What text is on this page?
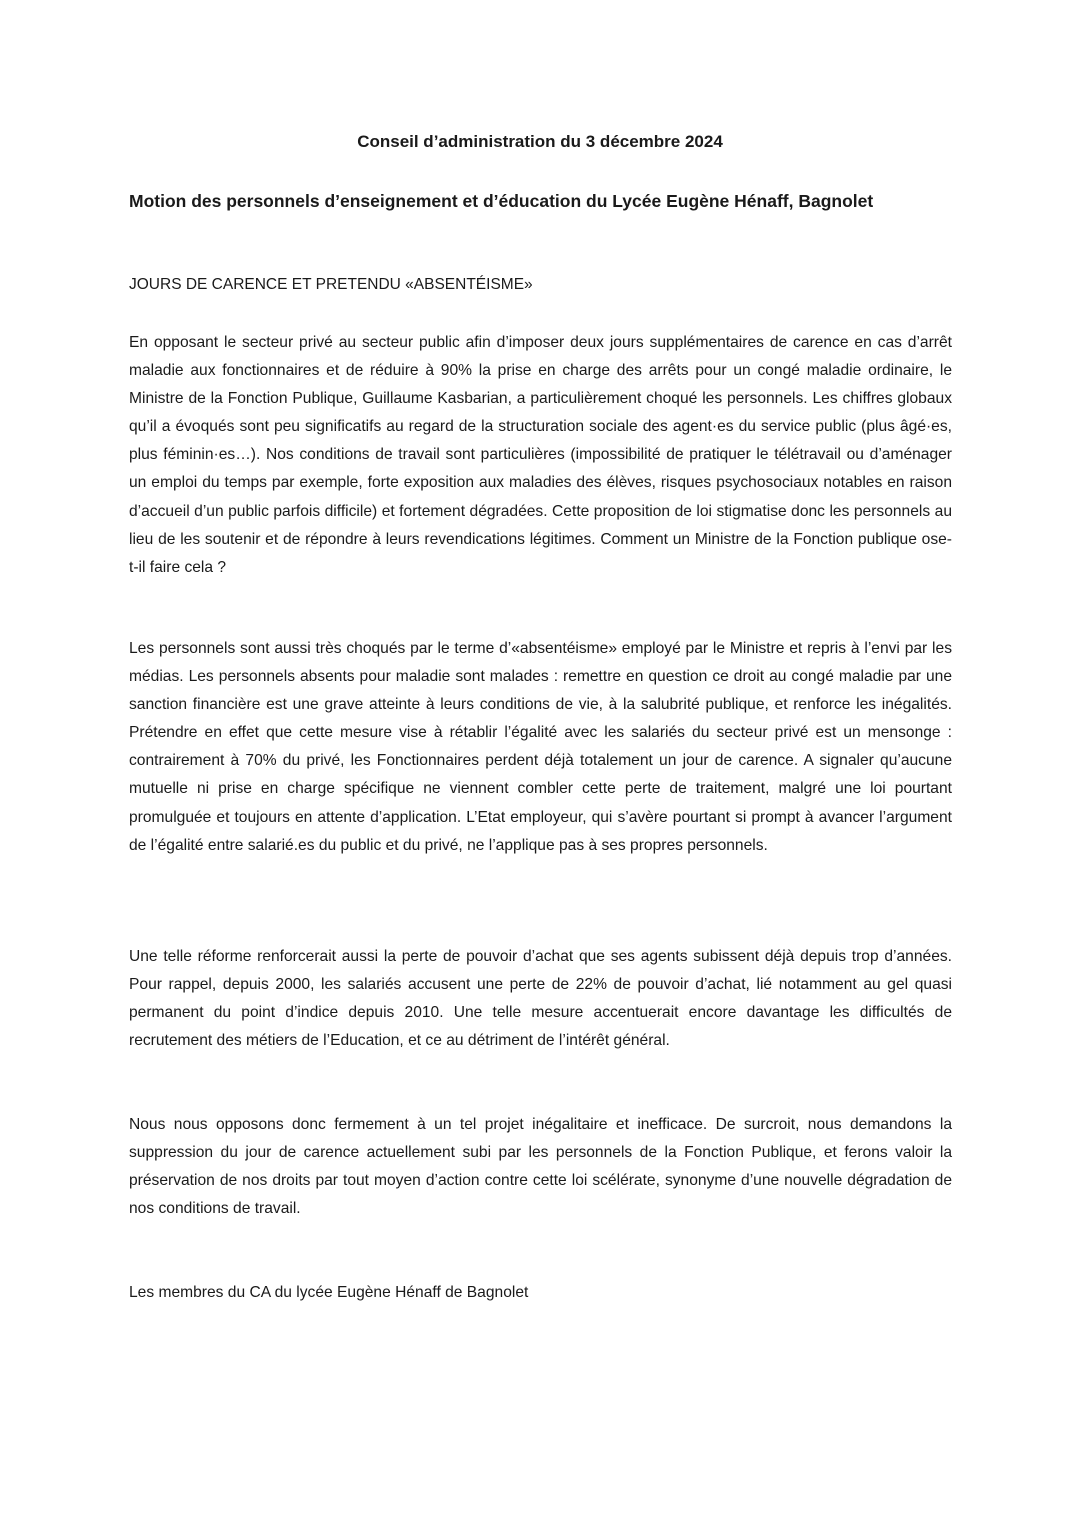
Conseil d’administration du 3 décembre 2024
Motion des personnels d’enseignement et d’éducation du Lycée Eugène Hénaff, Bagnolet

JOURS DE CARENCE ET PRETENDU «ABSENTÉISME»

En opposant le secteur privé au secteur public afin d’imposer deux jours supplémentaires de carence en cas d’arrêt maladie aux fonctionnaires et de réduire à 90% la prise en charge des arrêts pour un congé maladie ordinaire, le Ministre de la Fonction Publique, Guillaume Kasbarian, a particulièrement choqué les personnels. Les chiffres globaux qu’il a évoqués sont peu significatifs au regard de la structuration sociale des agent·es du service public (plus âgé·es, plus féminin·es…). Nos conditions de travail sont particulières (impossibilité de pratiquer le télétravail ou d’aménager un emploi du temps par exemple, forte exposition aux maladies des élèves, risques psychosociaux notables en raison d’accueil d’un public parfois difficile) et fortement dégradées. Cette proposition de loi stigmatise donc les personnels au lieu de les soutenir et de répondre à leurs revendications légitimes. Comment un Ministre de la Fonction publique ose-t-il faire cela ?

Les personnels sont aussi très choqués par le terme d’«absentéisme» employé par le Ministre et repris à l’envi par les médias. Les personnels absents pour maladie sont malades : remettre en question ce droit au congé maladie par une sanction financière est une grave atteinte à leurs conditions de vie, à la salubrité publique, et renforce les inégalités. Prétendre en effet que cette mesure vise à rétablir l’égalité avec les salariés du secteur privé est un mensonge : contrairement à 70% du privé, les Fonctionnaires perdent déjà totalement un jour de carence. A signaler qu’aucune mutuelle ni prise en charge spécifique ne viennent combler cette perte de traitement, malgré une loi pourtant promulguée et toujours en attente d’application. L’Etat employeur, qui s’avère pourtant si prompt à avancer l’argument de l’égalité entre salarié.es du public et du privé, ne l’applique pas à ses propres personnels.

Une telle réforme renforcerait aussi la perte de pouvoir d’achat que ses agents subissent déjà depuis trop d’années. Pour rappel, depuis 2000, les salariés accusent une perte de 22% de pouvoir d’achat, lié notamment au gel quasi permanent du point d’indice depuis 2010. Une telle mesure accentuerait encore davantage les difficultés de recrutement des métiers de l’Education, et ce au détriment de l’intérêt général.

Nous nous opposons donc fermement à un tel projet inégalitaire et inefficace. De surcroit, nous demandons la suppression du jour de carence actuellement subi par les personnels de la Fonction Publique, et ferons valoir la préservation de nos droits par tout moyen d’action contre cette loi scélérate, synonyme d’une nouvelle dégradation de nos conditions de travail.

Les membres du CA du lycée Eugène Hénaff de Bagnolet
